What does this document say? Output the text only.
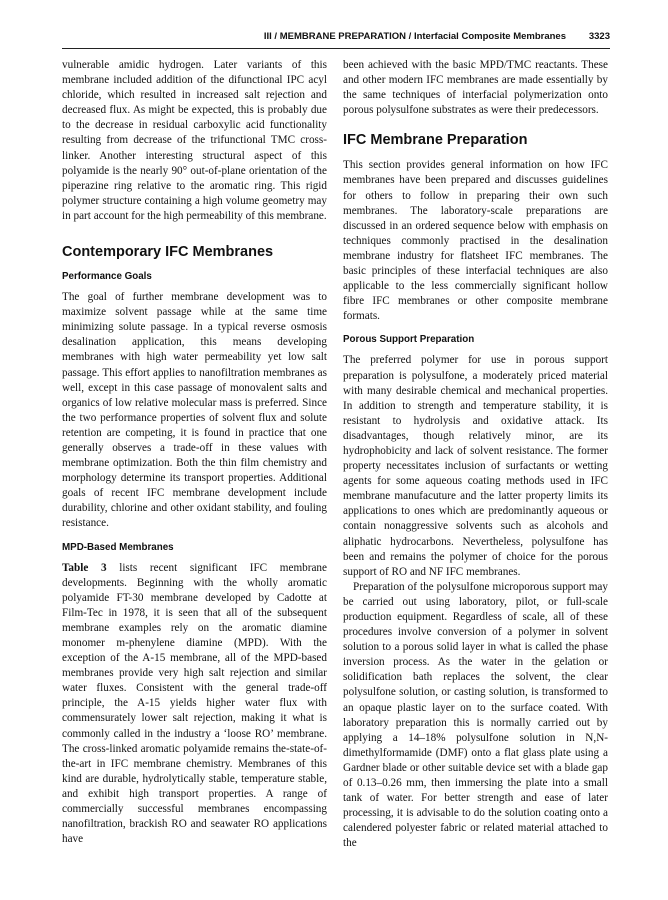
III / MEMBRANE PREPARATION / Interfacial Composite Membranes 3323

vulnerable amidic hydrogen. Later variants of this membrane included addition of the difunctional IPC acyl chloride, which resulted in increased salt rejection and decreased flux. As might be expected, this is probably due to the decrease in residual carboxylic acid functionality resulting from decrease of the trifunctional TMC cross-linker. Another interesting structural aspect of this polyamide is the nearly 90° out-of-plane orientation of the piperazine ring relative to the aromatic ring. This rigid polymer structure containing a high volume geometry may in part account for the high permeability of this membrane.

Contemporary IFC Membranes
Performance Goals

The goal of further membrane development was to maximize solvent passage while at the same time minimizing solute passage. In a typical reverse osmosis desalination application, this means developing membranes with high water permeability yet low salt passage. This effort applies to nanofiltration membranes as well, except in this case passage of monovalent salts and organics of low relative molecular mass is preferred. Since the two performance properties of solvent flux and solute retention are competing, it is found in practice that one generally observes a trade-off in these values with membrane optimization. Both the thin film chemistry and morphology determine its transport properties. Additional goals of recent IFC membrane development include durability, chlorine and other oxidant stability, and fouling resistance.

MPD-Based Membranes

Table 3 lists recent significant IFC membrane developments. Beginning with the wholly aromatic polyamide FT-30 membrane developed by Cadotte at Film-Tec in 1978, it is seen that all of the subsequent membrane examples rely on the aromatic diamine monomer m-phenylene diamine (MPD). With the exception of the A-15 membrane, all of the MPD-based membranes provide very high salt rejection and similar water fluxes. Consistent with the general trade-off principle, the A-15 yields higher water flux with commensurately lower salt rejection, making it what is commonly called in the industry a ‘loose RO’ membrane. The cross-linked aromatic polyamide remains the-state-of-the-art in IFC membrane chemistry. Membranes of this kind are durable, hydrolytically stable, temperature stable, and exhibit high transport properties. A range of commercially successful membranes encompassing nanofiltration, brackish RO and seawater RO applications have

been achieved with the basic MPD/TMC reactants. These and other modern IFC membranes are made essentially by the same techniques of interfacial polymerization onto porous polysulfone substrates as were their predecessors.

IFC Membrane Preparation

This section provides general information on how IFC membranes have been prepared and discusses guidelines for others to follow in preparing their own such membranes. The laboratory-scale preparations are discussed in an ordered sequence below with emphasis on techniques commonly practised in the desalination membrane industry for flatsheet IFC membranes. The basic principles of these interfacial techniques are also applicable to the less commercially significant hollow fibre IFC membranes or other composite membrane formats.

Porous Support Preparation

The preferred polymer for use in porous support preparation is polysulfone, a moderately priced material with many desirable chemical and mechanical properties. In addition to strength and temperature stability, it is resistant to hydrolysis and oxidative attack. Its disadvantages, though relatively minor, are its hydrophobicity and lack of solvent resistance. The former property necessitates inclusion of surfactants or wetting agents for some aqueous coating methods used in IFC membrane manufacuture and the latter property limits its applications to ones which are predominantly aqueous or contain nonaggressive solvents such as alcohols and aliphatic hydrocarbons. Nevertheless, polysulfone has been and remains the polymer of choice for the porous support of RO and NF IFC membranes.

Preparation of the polysulfone microporous support may be carried out using laboratory, pilot, or full-scale production equipment. Regardless of scale, all of these procedures involve conversion of a polymer in solvent solution to a porous solid layer in what is called the phase inversion process. As the water in the gelation or solidification bath replaces the solvent, the clear polysulfone solution, or casting solution, is transformed to an opaque plastic layer on to the surface coated. With laboratory preparation this is normally carried out by applying a 14–18% polysulfone solution in N,N-dimethylformamide (DMF) onto a flat glass plate using a Gardner blade or other suitable device set with a blade gap of 0.13–0.26 mm, then immersing the plate into a small tank of water. For better strength and ease of later processing, it is advisable to do the solution coating onto a calendered polyester fabric or related material attached to the
